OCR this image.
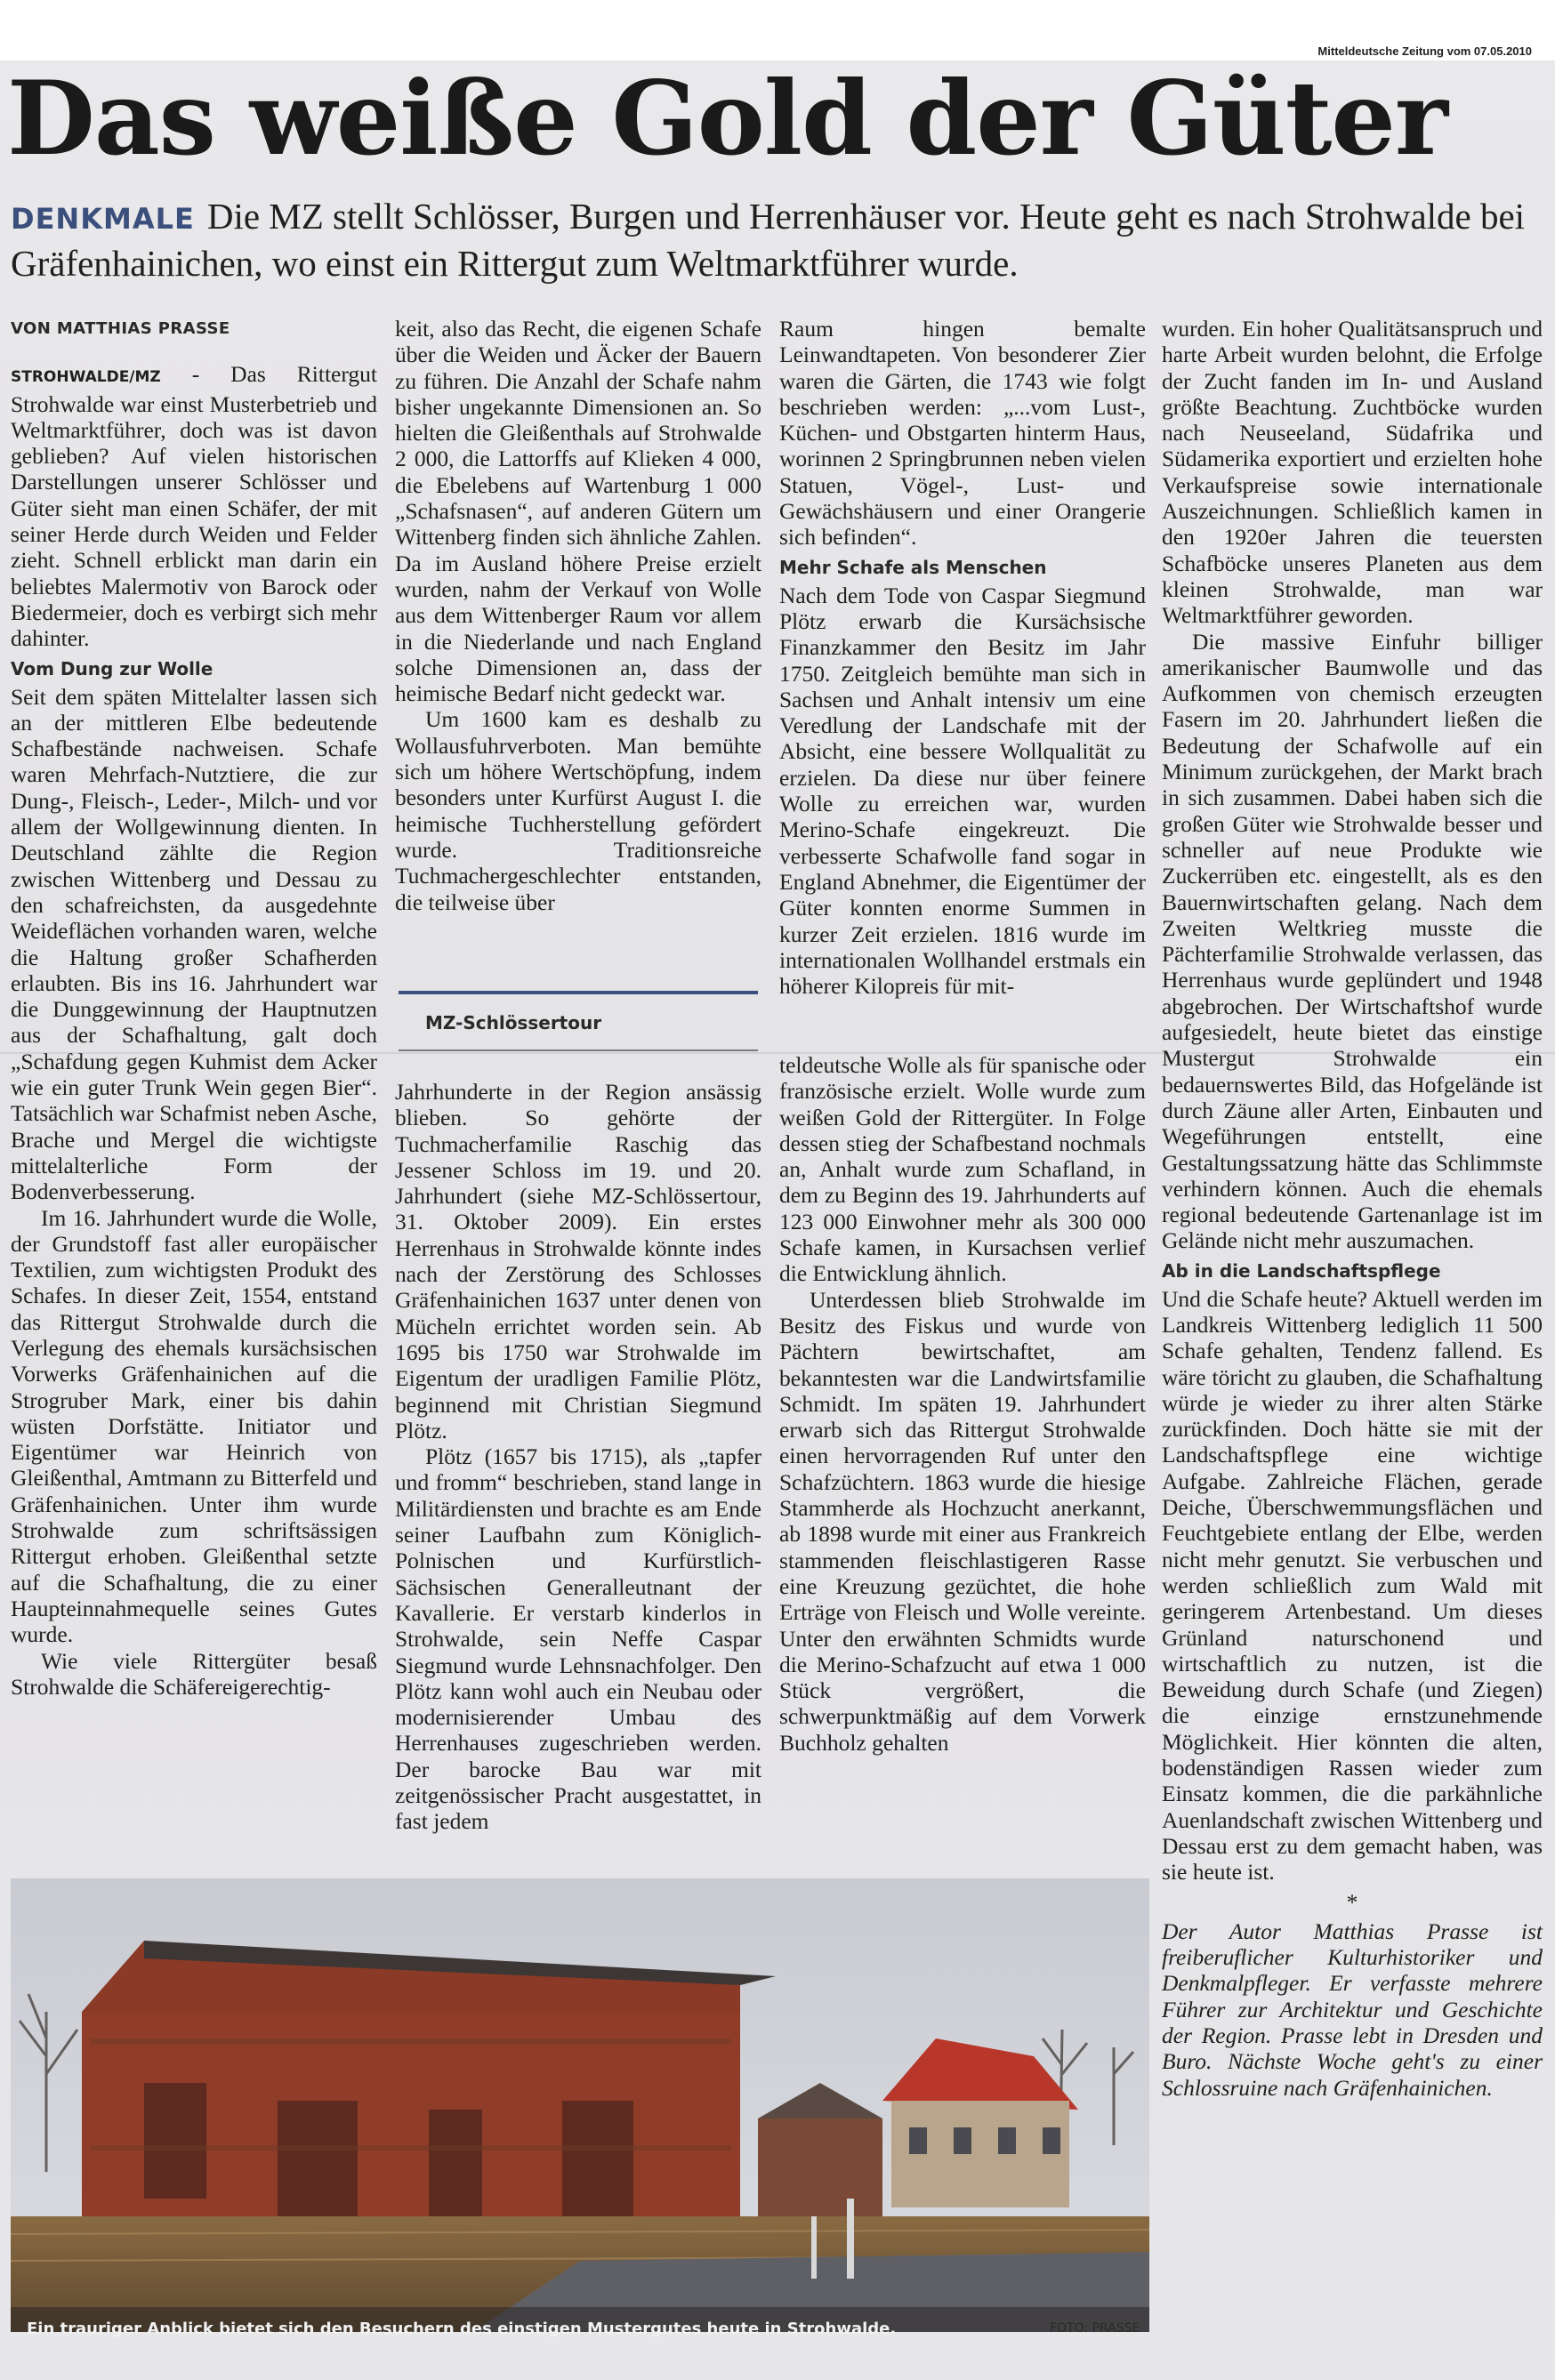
Mitteldeutsche Zeitung vom 07.05.2010
Das weiße Gold der Güter
DENKMALE Die MZ stellt Schlösser, Burgen und Herrenhäuser vor. Heute geht es nach Strohwalde bei Gräfenhainichen, wo einst ein Rittergut zum Weltmarktführer wurde.
VON MATTHIAS PRASSE

STROHWALDE/MZ - Das Rittergut Strohwalde war einst Musterbetrieb und Weltmarktführer, doch was ist davon geblieben? Auf vielen historischen Darstellungen unserer Schlösser und Güter sieht man einen Schäfer, der mit seiner Herde durch Weiden und Felder zieht. Schnell erblickt man darin ein beliebtes Malermotiv von Barock oder Biedermeier, doch es verbirgt sich mehr dahinter.

Vom Dung zur Wolle

Seit dem späten Mittelalter lassen sich an der mittleren Elbe bedeutende Schafbestände nachweisen. Schafe waren Mehrfach-Nutztiere, die zur Dung-, Fleisch-, Leder-, Milch- und vor allem der Wollgewinnung dienten. In Deutschland zählte die Region zwischen Wittenberg und Dessau zu den schafreichsten, da ausgedehnte Weideflächen vorhanden waren, welche die Haltung großer Schafherden erlaubten. Bis ins 16. Jahrhundert war die Dunggewinnung der Hauptnutzen aus der Schafhaltung, galt doch „Schafdung gegen Kuhmist dem Acker wie ein guter Trunk Wein gegen Bier“. Tatsächlich war Schafmist neben Asche, Brache und Mergel die wichtigste mittelalterliche Form der Bodenverbesserung.

Im 16. Jahrhundert wurde die Wolle, der Grundstoff fast aller europäischer Textilien, zum wichtigsten Produkt des Schafes. In dieser Zeit, 1554, entstand das Rittergut Strohwalde durch die Verlegung des ehemals kursächsischen Vorwerks Gräfenhainichen auf die Strogruber Mark, einer bis dahin wüsten Dorfstätte. Initiator und Eigentümer war Heinrich von Gleißenthal, Amtmann zu Bitterfeld und Gräfenhainichen. Unter ihm wurde Strohwalde zum schriftsässigen Rittergut erhoben. Gleißenthal setzte auf die Schafhaltung, die zu einer Haupteinnahmequelle seines Gutes wurde.

Wie viele Rittergüter besaß Strohwalde die Schäfereigerechtig-

keit, also das Recht, die eigenen Schafe über die Weiden und Äcker der Bauern zu führen. Die Anzahl der Schafe nahm bisher ungekannte Dimensionen an. So hielten die Gleißenthals auf Strohwalde 2 000, die Lattorffs auf Klieken 4 000, die Ebelebens auf Wartenburg 1 000 „Schafsnasen“, auf anderen Gütern um Wittenberg finden sich ähnliche Zahlen. Da im Ausland höhere Preise erzielt wurden, nahm der Verkauf von Wolle aus dem Wittenberger Raum vor allem in die Niederlande und nach England solche Dimensionen an, dass der heimische Bedarf nicht gedeckt war.

Um 1600 kam es deshalb zu Wollausfuhrverboten. Man bemühte sich um höhere Wertschöpfung, indem besonders unter Kurfürst August I. die heimische Tuchherstellung gefördert wurde. Traditionsreiche Tuchmachergeschlechter entstanden, die teilweise über

MZ-Schlössertour

Jahrhunderte in der Region ansässig blieben. So gehörte der Tuchmacherfamilie Raschig das Jessener Schloss im 19. und 20. Jahrhundert (siehe MZ-Schlössertour, 31. Oktober 2009). Ein erstes Herrenhaus in Strohwalde könnte indes nach der Zerstörung des Schlosses Gräfenhainichen 1637 unter denen von Mücheln errichtet worden sein. Ab 1695 bis 1750 war Strohwalde im Eigentum der uradligen Familie Plötz, beginnend mit Christian Siegmund Plötz.

Plötz (1657 bis 1715), als „tapfer und fromm“ beschrieben, stand lange in Militärdiensten und brachte es am Ende seiner Laufbahn zum Königlich-Polnischen und Kurfürstlich-Sächsischen Generalleutnant der Kavallerie. Er verstarb kinderlos in Strohwalde, sein Neffe Caspar Siegmund wurde Lehnsnachfolger. Den Plötz kann wohl auch ein Neubau oder modernisierender Umbau des Herrenhauses zugeschrieben werden. Der barocke Bau war mit zeitgenössischer Pracht ausgestattet, in fast jedem

Raum hingen bemalte Leinwandtapeten. Von besonderer Zier waren die Gärten, die 1743 wie folgt beschrieben werden: „...vom Lust-, Küchen- und Obstgarten hinterm Haus, worinnen 2 Springbrunnen neben vielen Statuen, Vögel-, Lust- und Gewächshäusern und einer Orangerie sich befinden“.

Mehr Schafe als Menschen

Nach dem Tode von Caspar Siegmund Plötz erwarb die Kursächsische Finanzkammer den Besitz im Jahr 1750. Zeitgleich bemühte man sich in Sachsen und Anhalt intensiv um eine Veredlung der Landschafe mit der Absicht, eine bessere Wollqualität zu erzielen. Da diese nur über feinere Wolle zu erreichen war, wurden Merino-Schafe eingekreuzt. Die verbesserte Schafwolle fand sogar in England Abnehmer, die Eigentümer der Güter konnten enorme Summen in kurzer Zeit erzielen. 1816 wurde im internationalen Wollhandel erstmals ein höherer Kilopreis für mit-

teldeutsche Wolle als für spanische oder französische erzielt. Wolle wurde zum weißen Gold der Rittergüter. In Folge dessen stieg der Schafbestand nochmals an, Anhalt wurde zum Schafland, in dem zu Beginn des 19. Jahrhunderts auf 123 000 Einwohner mehr als 300 000 Schafe kamen, in Kursachsen verlief die Entwicklung ähnlich.

Unterdessen blieb Strohwalde im Besitz des Fiskus und wurde von Pächtern bewirtschaftet, am bekanntesten war die Landwirtsfamilie Schmidt. Im späten 19. Jahrhundert erwarb sich das Rittergut Strohwalde einen hervorragenden Ruf unter den Schafzüchtern. 1863 wurde die hiesige Stammherde als Hochzucht anerkannt, ab 1898 wurde mit einer aus Frankreich stammenden fleischlastigeren Rasse eine Kreuzung gezüchtet, die hohe Erträge von Fleisch und Wolle vereinte. Unter den erwähnten Schmidts wurde die Merino-Schafzucht auf etwa 1 000 Stück vergrößert, die schwerpunktmäßig auf dem Vorwerk Buchholz gehalten

wurden. Ein hoher Qualitätsanspruch und harte Arbeit wurden belohnt, die Erfolge der Zucht fanden im In- und Ausland größte Beachtung. Zuchtböcke wurden nach Neuseeland, Südafrika und Südamerika exportiert und erzielten hohe Verkaufspreise sowie internationale Auszeichnungen. Schließlich kamen in den 1920er Jahren die teuersten Schafböcke unseres Planeten aus dem kleinen Strohwalde, man war Weltmarktführer geworden.

Die massive Einfuhr billiger amerikanischer Baumwolle und das Aufkommen von chemisch erzeugten Fasern im 20. Jahrhundert ließen die Bedeutung der Schafwolle auf ein Minimum zurückgehen, der Markt brach in sich zusammen. Dabei haben sich die großen Güter wie Strohwalde besser und schneller auf neue Produkte wie Zuckerrüben etc. eingestellt, als es den Bauernwirtschaften gelang. Nach dem Zweiten Weltkrieg musste die Pächterfamilie Strohwalde verlassen, das Herrenhaus wurde geplündert und 1948 abgebrochen. Der Wirtschaftshof wurde aufgesiedelt, heute bietet das einstige Mustergut Strohwalde ein bedauernswertes Bild, das Hofgelände ist durch Zäune aller Arten, Einbauten und Wegeführungen entstellt, eine Gestaltungssatzung hätte das Schlimmste verhindern können. Auch die ehemals regional bedeutende Gartenanlage ist im Gelände nicht mehr auszumachen.

Ab in die Landschaftspflege

Und die Schafe heute? Aktuell werden im Landkreis Wittenberg lediglich 11 500 Schafe gehalten, Tendenz fallend. Es wäre töricht zu glauben, die Schafhaltung würde je wieder zu ihrer alten Stärke zurückfinden. Doch hätte sie mit der Landschaftspflege eine wichtige Aufgabe. Zahlreiche Flächen, gerade Deiche, Überschwemmungsflächen und Feuchtgebiete entlang der Elbe, werden nicht mehr genutzt. Sie verbuschen und werden schließlich zum Wald mit geringerem Artenbestand. Um dieses Grünland naturschonend und wirtschaftlich zu nutzen, ist die Beweidung durch Schafe (und Ziegen) die einzige ernstzunehmende Möglichkeit. Hier könnten die alten, bodenständigen Rassen wieder zum Einsatz kommen, die die parkähnliche Auenlandschaft zwischen Wittenberg und Dessau erst zu dem gemacht haben, was sie heute ist.

*

Der Autor Matthias Prasse ist freiberuflicher Kulturhistoriker und Denkmalpfleger. Er verfasste mehrere Führer zur Architektur und Geschichte der Region. Prasse lebt in Dresden und Buro. Nächste Woche geht's zu einer Schlossruine nach Gräfenhainichen.

Ein trauriger Anblick bietet sich den Besuchern des einstigen Mustergutes heute in Strohwalde.	FOTO: PRASSE
